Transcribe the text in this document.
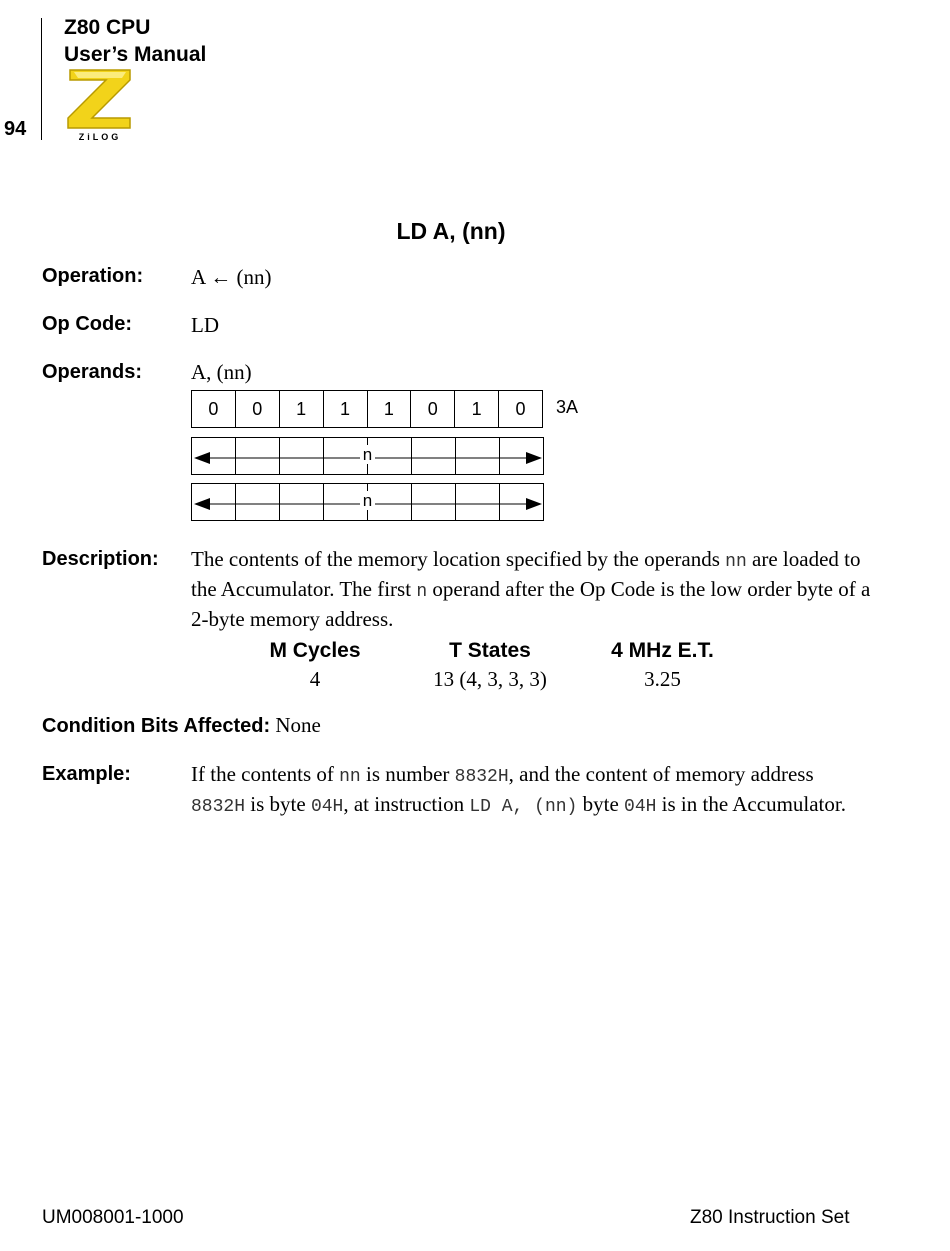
Z80 CPU
User’s Manual
94	ZiLOG
LD A, (nn)
Operation: A ← (nn)
Op Code:	LD
Operands: A, (nn)
0	0	1	1	1	0	1	0	3A
n
n
Description: The contents of the memory location specified by the operands nn are loaded to the Accumulator. The first n operand after the Op Code is the low order byte of a 2-byte memory address.
M Cycles	T States	4 MHz E.T.
4	13 (4, 3, 3, 3)	3.25
Condition Bits Affected: None
Example:	If the contents of nn is number 8832H, and the content of memory address 8832H is byte 04H, at instruction LD A, (nn) byte 04H is in the Accumulator.
UM008001-1000	Z80 Instruction Set
